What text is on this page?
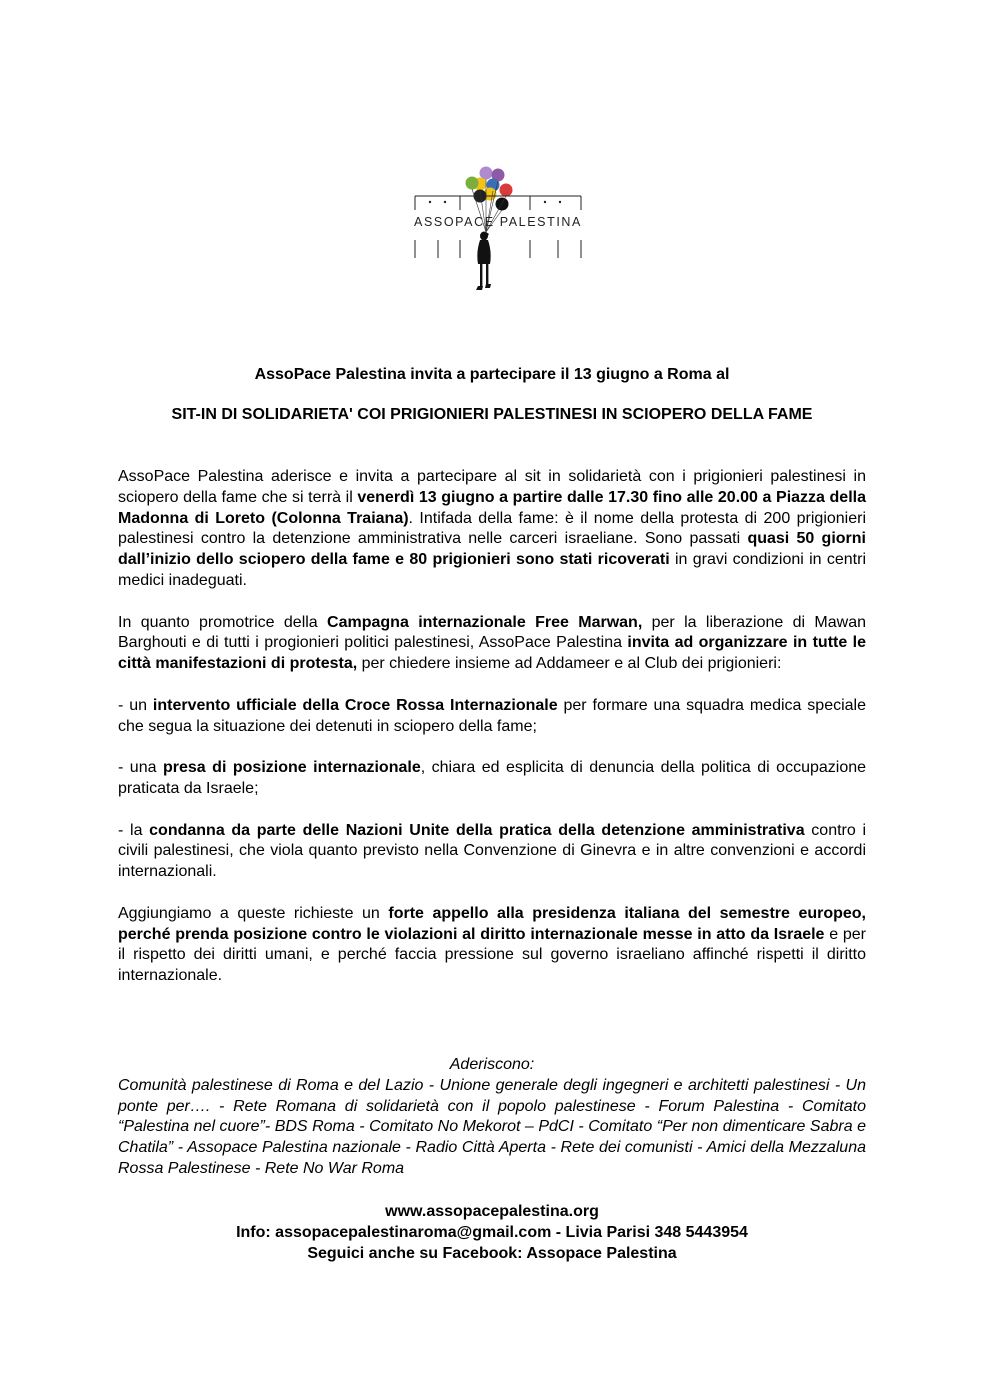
ASSOPACE PALESTINA
AssoPace Palestina invita a partecipare il 13 giugno a Roma al
SIT-IN DI SOLIDARIETA' COI PRIGIONIERI PALESTINESI IN SCIOPERO DELLA FAME

AssoPace Palestina aderisce e invita a partecipare al sit in solidarietà con i prigionieri palestinesi in sciopero della fame che si terrà il venerdì 13 giugno a partire dalle 17.30 fino alle 20.00 a Piazza della Madonna di Loreto (Colonna Traiana). Intifada della fame: è il nome della protesta di 200 prigionieri palestinesi contro la detenzione amministrativa nelle carceri israeliane. Sono passati quasi 50 giorni dall’inizio dello sciopero della fame e 80 prigionieri sono stati ricoverati in gravi condizioni in centri medici inadeguati.

In quanto promotrice della Campagna internazionale Free Marwan, per la liberazione di Mawan Barghouti e di tutti i progionieri politici palestinesi, AssoPace Palestina invita ad organizzare in tutte le città manifestazioni di protesta, per chiedere insieme ad Addameer e al Club dei prigionieri:

- un intervento ufficiale della Croce Rossa Internazionale per formare una squadra medica speciale che segua la situazione dei detenuti in sciopero della fame;

- una presa di posizione internazionale, chiara ed esplicita di denuncia della politica di occupazione praticata da Israele;

- la condanna da parte delle Nazioni Unite della pratica della detenzione amministrativa contro i civili palestinesi, che viola quanto previsto nella Convenzione di Ginevra e in altre convenzioni e accordi internazionali.

Aggiungiamo a queste richieste un forte appello alla presidenza italiana del semestre europeo, perché prenda posizione contro le violazioni al diritto internazionale messe in atto da Israele e per il rispetto dei diritti umani, e perché faccia pressione sul governo israeliano affinché rispetti il diritto internazionale.

Aderiscono:
Comunità palestinese di Roma e del Lazio - Unione generale degli ingegneri e architetti palestinesi - Un ponte per…. - Rete Romana di solidarietà con il popolo palestinese - Forum Palestina - Comitato “Palestina nel cuore”- BDS Roma - Comitato No Mekorot – PdCI - Comitato “Per non dimenticare Sabra e Chatila” - Assopace Palestina nazionale - Radio Città Aperta - Rete dei comunisti - Amici della Mezzaluna Rossa Palestinese - Rete No War Roma
www.assopacepalestina.org
Info: assopacepalestinaroma@gmail.com - Livia Parisi 348 5443954
Seguici anche su Facebook: Assopace Palestina
